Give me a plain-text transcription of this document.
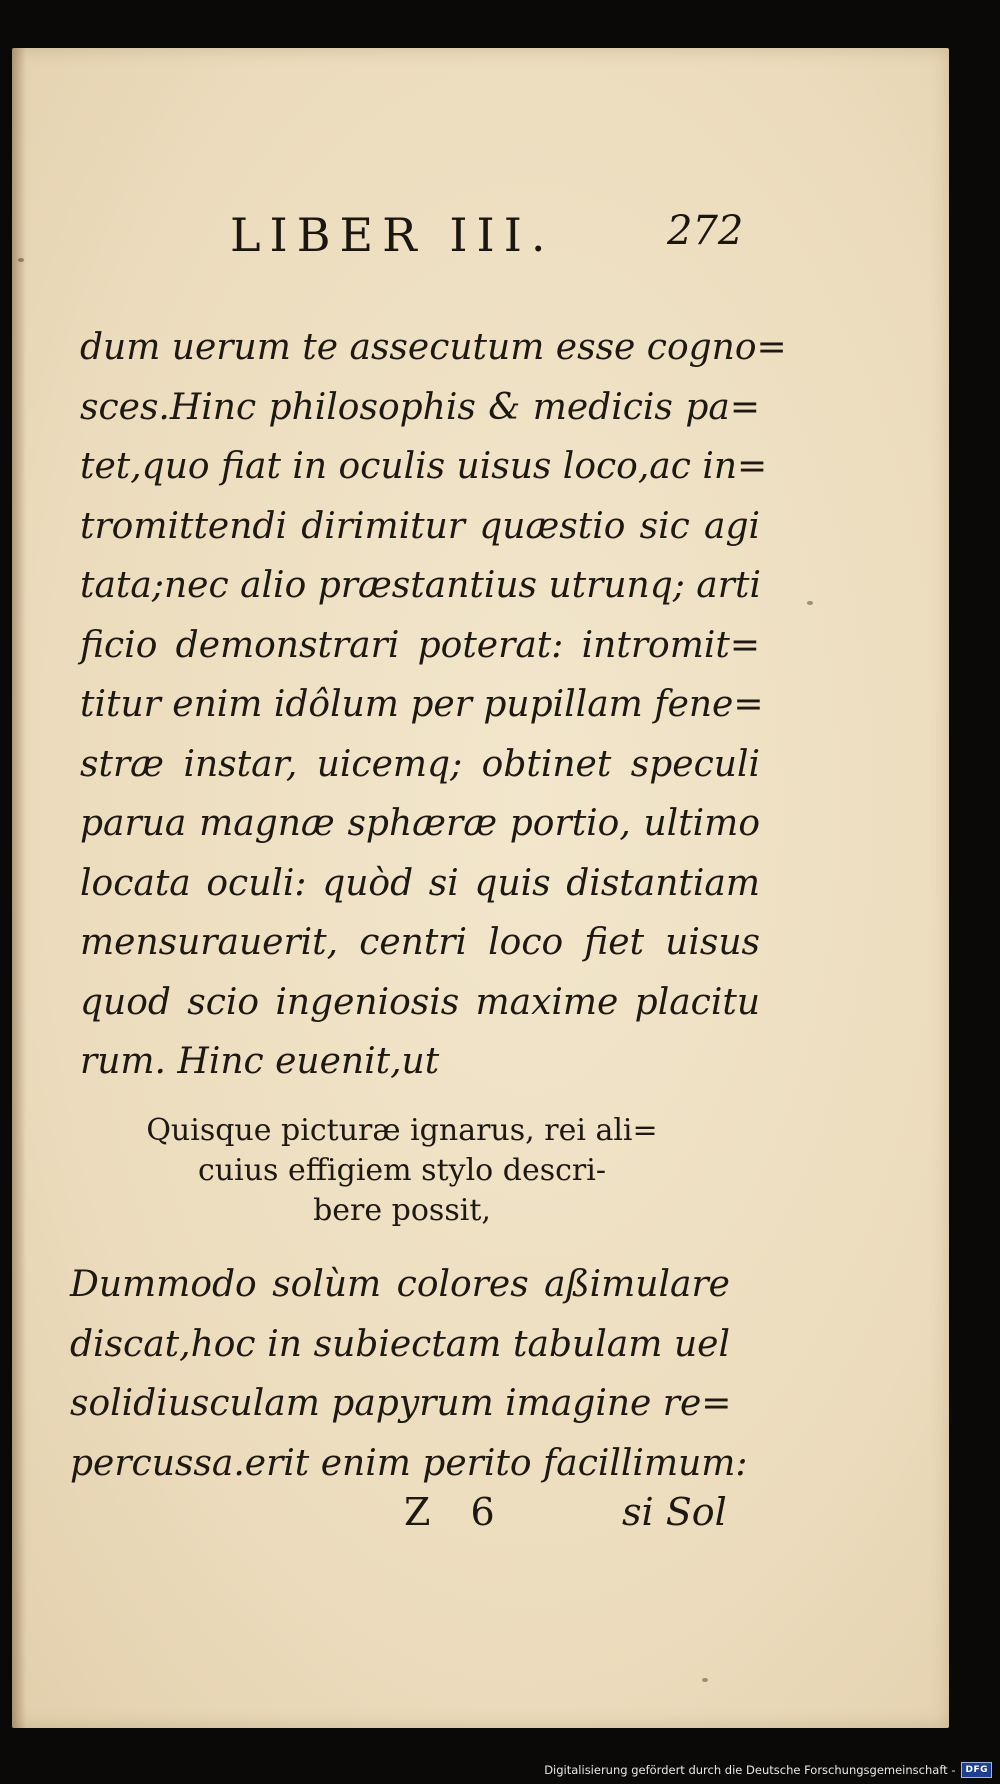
LIBER III.	272
dum uerum te assecutum esse cogno=
sces.Hinc philosophis & medicis pa=
tet,quo fiat in oculis uisus loco,ac in=
tromittendi dirimitur quæstio sic agi
tata;nec alio præstantius utrunq; arti
ficio demonstrari poterat: intromit=
titur enim idôlum per pupillam fene=
stræ instar, uicemq; obtinet speculi
parua magnæ sphæræ portio, ultimo
locata oculi: quòd si quis distantiam
mensurauerit, centri loco fiet uisus
quod scio ingeniosis maxime placitu
rum. Hinc euenit,ut
Quisque picturæ ignarus, rei ali=
cuius effigiem stylo descri-
bere possit,
Dummodo solùm colores aßimulare
discat,hoc in subiectam tabulam uel
solidiusculam papyrum imagine re=
percussa.erit enim perito facillimum:
Z 6	si Sol
Digitalisierung gefördert durch die Deutsche Forschungsgemeinschaft -	DFG
